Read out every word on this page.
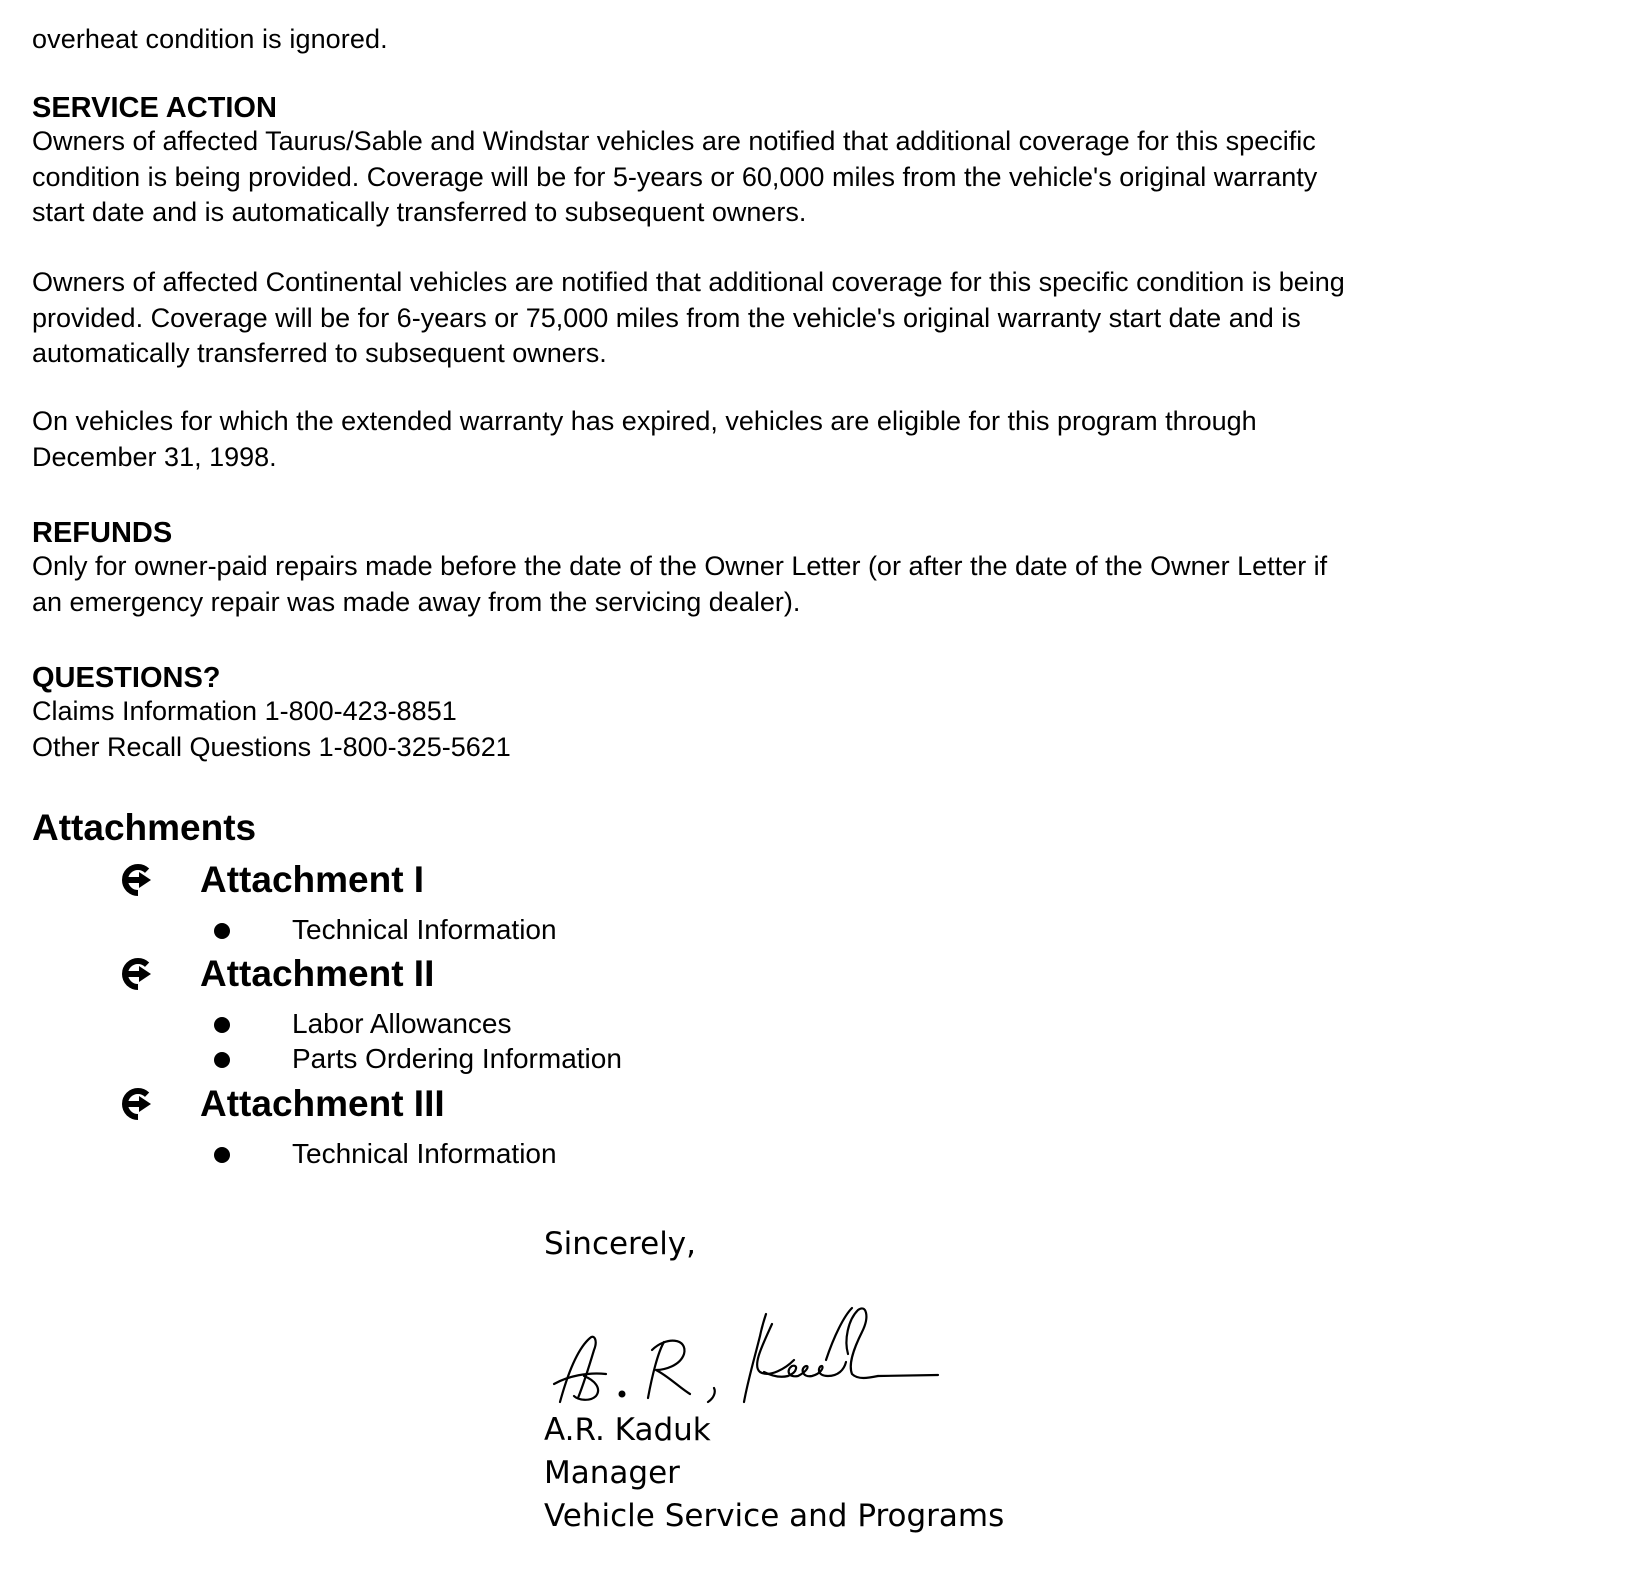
overheat condition is ignored.
SERVICE ACTION
Owners of affected Taurus/Sable and Windstar vehicles are notified that additional coverage for this specific
condition is being provided. Coverage will be for 5-years or 60,000 miles from the vehicle's original warranty
start date and is automatically transferred to subsequent owners.
Owners of affected Continental vehicles are notified that additional coverage for this specific condition is being
provided. Coverage will be for 6-years or 75,000 miles from the vehicle's original warranty start date and is
automatically transferred to subsequent owners.
On vehicles for which the extended warranty has expired, vehicles are eligible for this program through
December 31, 1998.
REFUNDS
Only for owner-paid repairs made before the date of the Owner Letter (or after the date of the Owner Letter if
an emergency repair was made away from the servicing dealer).
QUESTIONS?
Claims Information 1-800-423-8851
Other Recall Questions 1-800-325-5621
Attachments
Attachment I
Technical Information
Attachment II
Labor Allowances
Parts Ordering Information
Attachment III
Technical Information
Sincerely,
A.R. Kaduk
Manager
Vehicle Service and Programs
